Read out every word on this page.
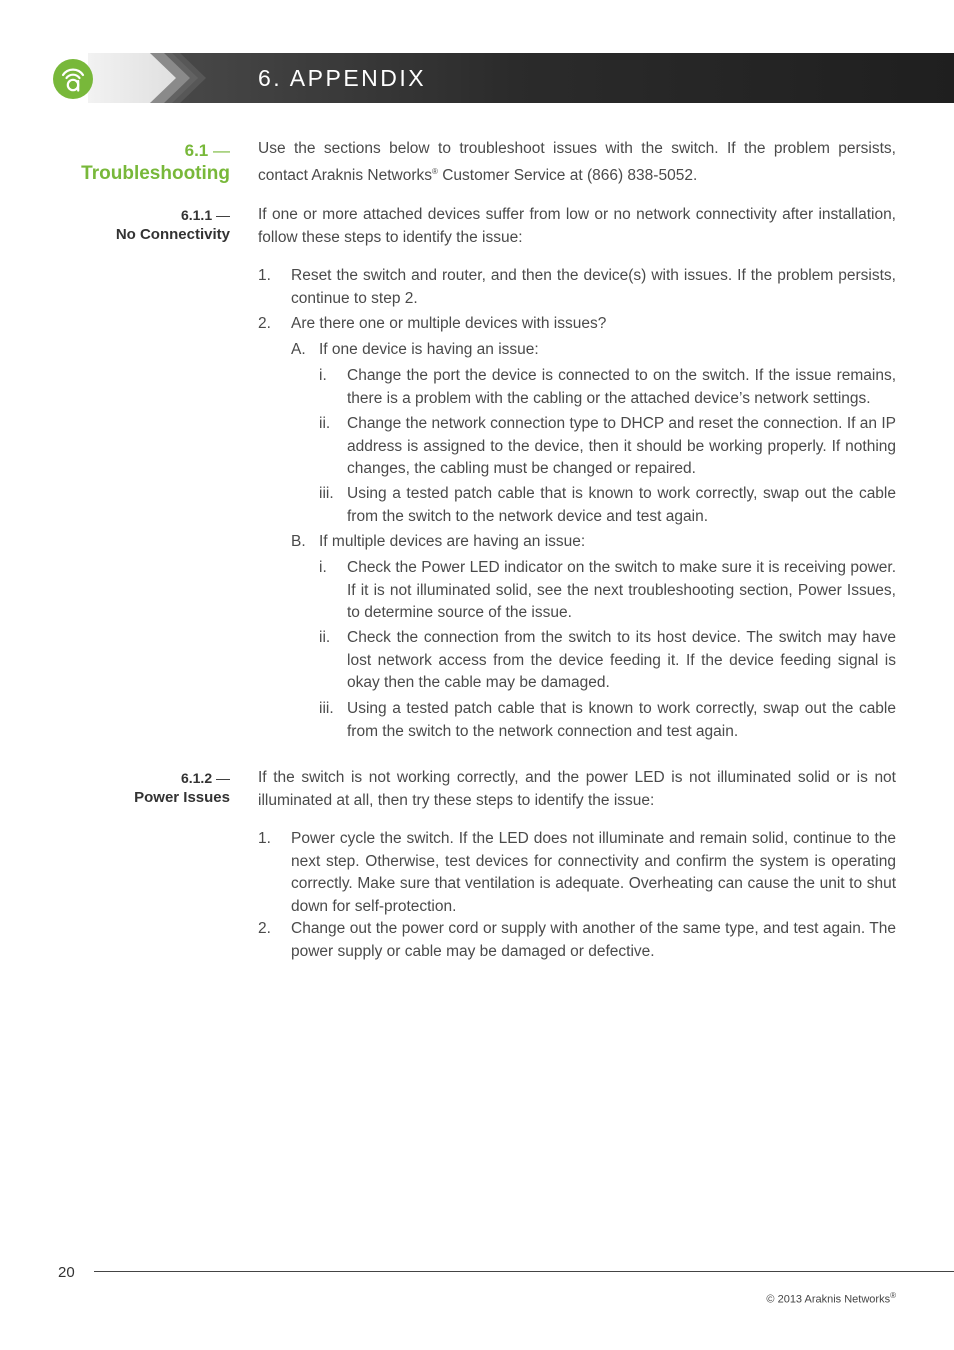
6. APPENDIX
6.1 —
Troubleshooting
Use the sections below to troubleshoot issues with the switch. If the problem persists, contact Araknis Networks® Customer Service at (866) 838-5052.
6.1.1 —
No Connectivity
If one or more attached devices suffer from low or no network connectivity after installation, follow these steps to identify the issue:
1. Reset the switch and router, and then the device(s) with issues. If the problem persists, continue to step 2.
2. Are there one or multiple devices with issues?
A. If one device is having an issue:
i. Change the port the device is connected to on the switch. If the issue remains, there is a problem with the cabling or the attached device’s network settings.
ii. Change the network connection type to DHCP and reset the connection. If an IP address is assigned to the device, then it should be working properly. If nothing changes, the cabling must be changed or repaired.
iii. Using a tested patch cable that is known to work correctly, swap out the cable from the switch to the network device and test again.
B. If multiple devices are having an issue:
i. Check the Power LED indicator on the switch to make sure it is receiving power. If it is not illuminated solid, see the next troubleshooting section, Power Issues, to determine source of the issue.
ii. Check the connection from the switch to its host device. The switch may have lost network access from the device feeding it. If the device feeding signal is okay then the cable may be damaged.
iii. Using a tested patch cable that is known to work correctly, swap out the cable from the switch to the network connection and test again.
6.1.2 —
Power Issues
If the switch is not working correctly, and the power LED is not illuminated solid or is not illuminated at all, then try these steps to identify the issue:
1. Power cycle the switch. If the LED does not illuminate and remain solid, continue to the next step. Otherwise, test devices for connectivity and confirm the system is operating correctly. Make sure that ventilation is adequate. Overheating can cause the unit to shut down for self-protection.
2. Change out the power cord or supply with another of the same type, and test again. The power supply or cable may be damaged or defective.
20
© 2013 Araknis Networks®
